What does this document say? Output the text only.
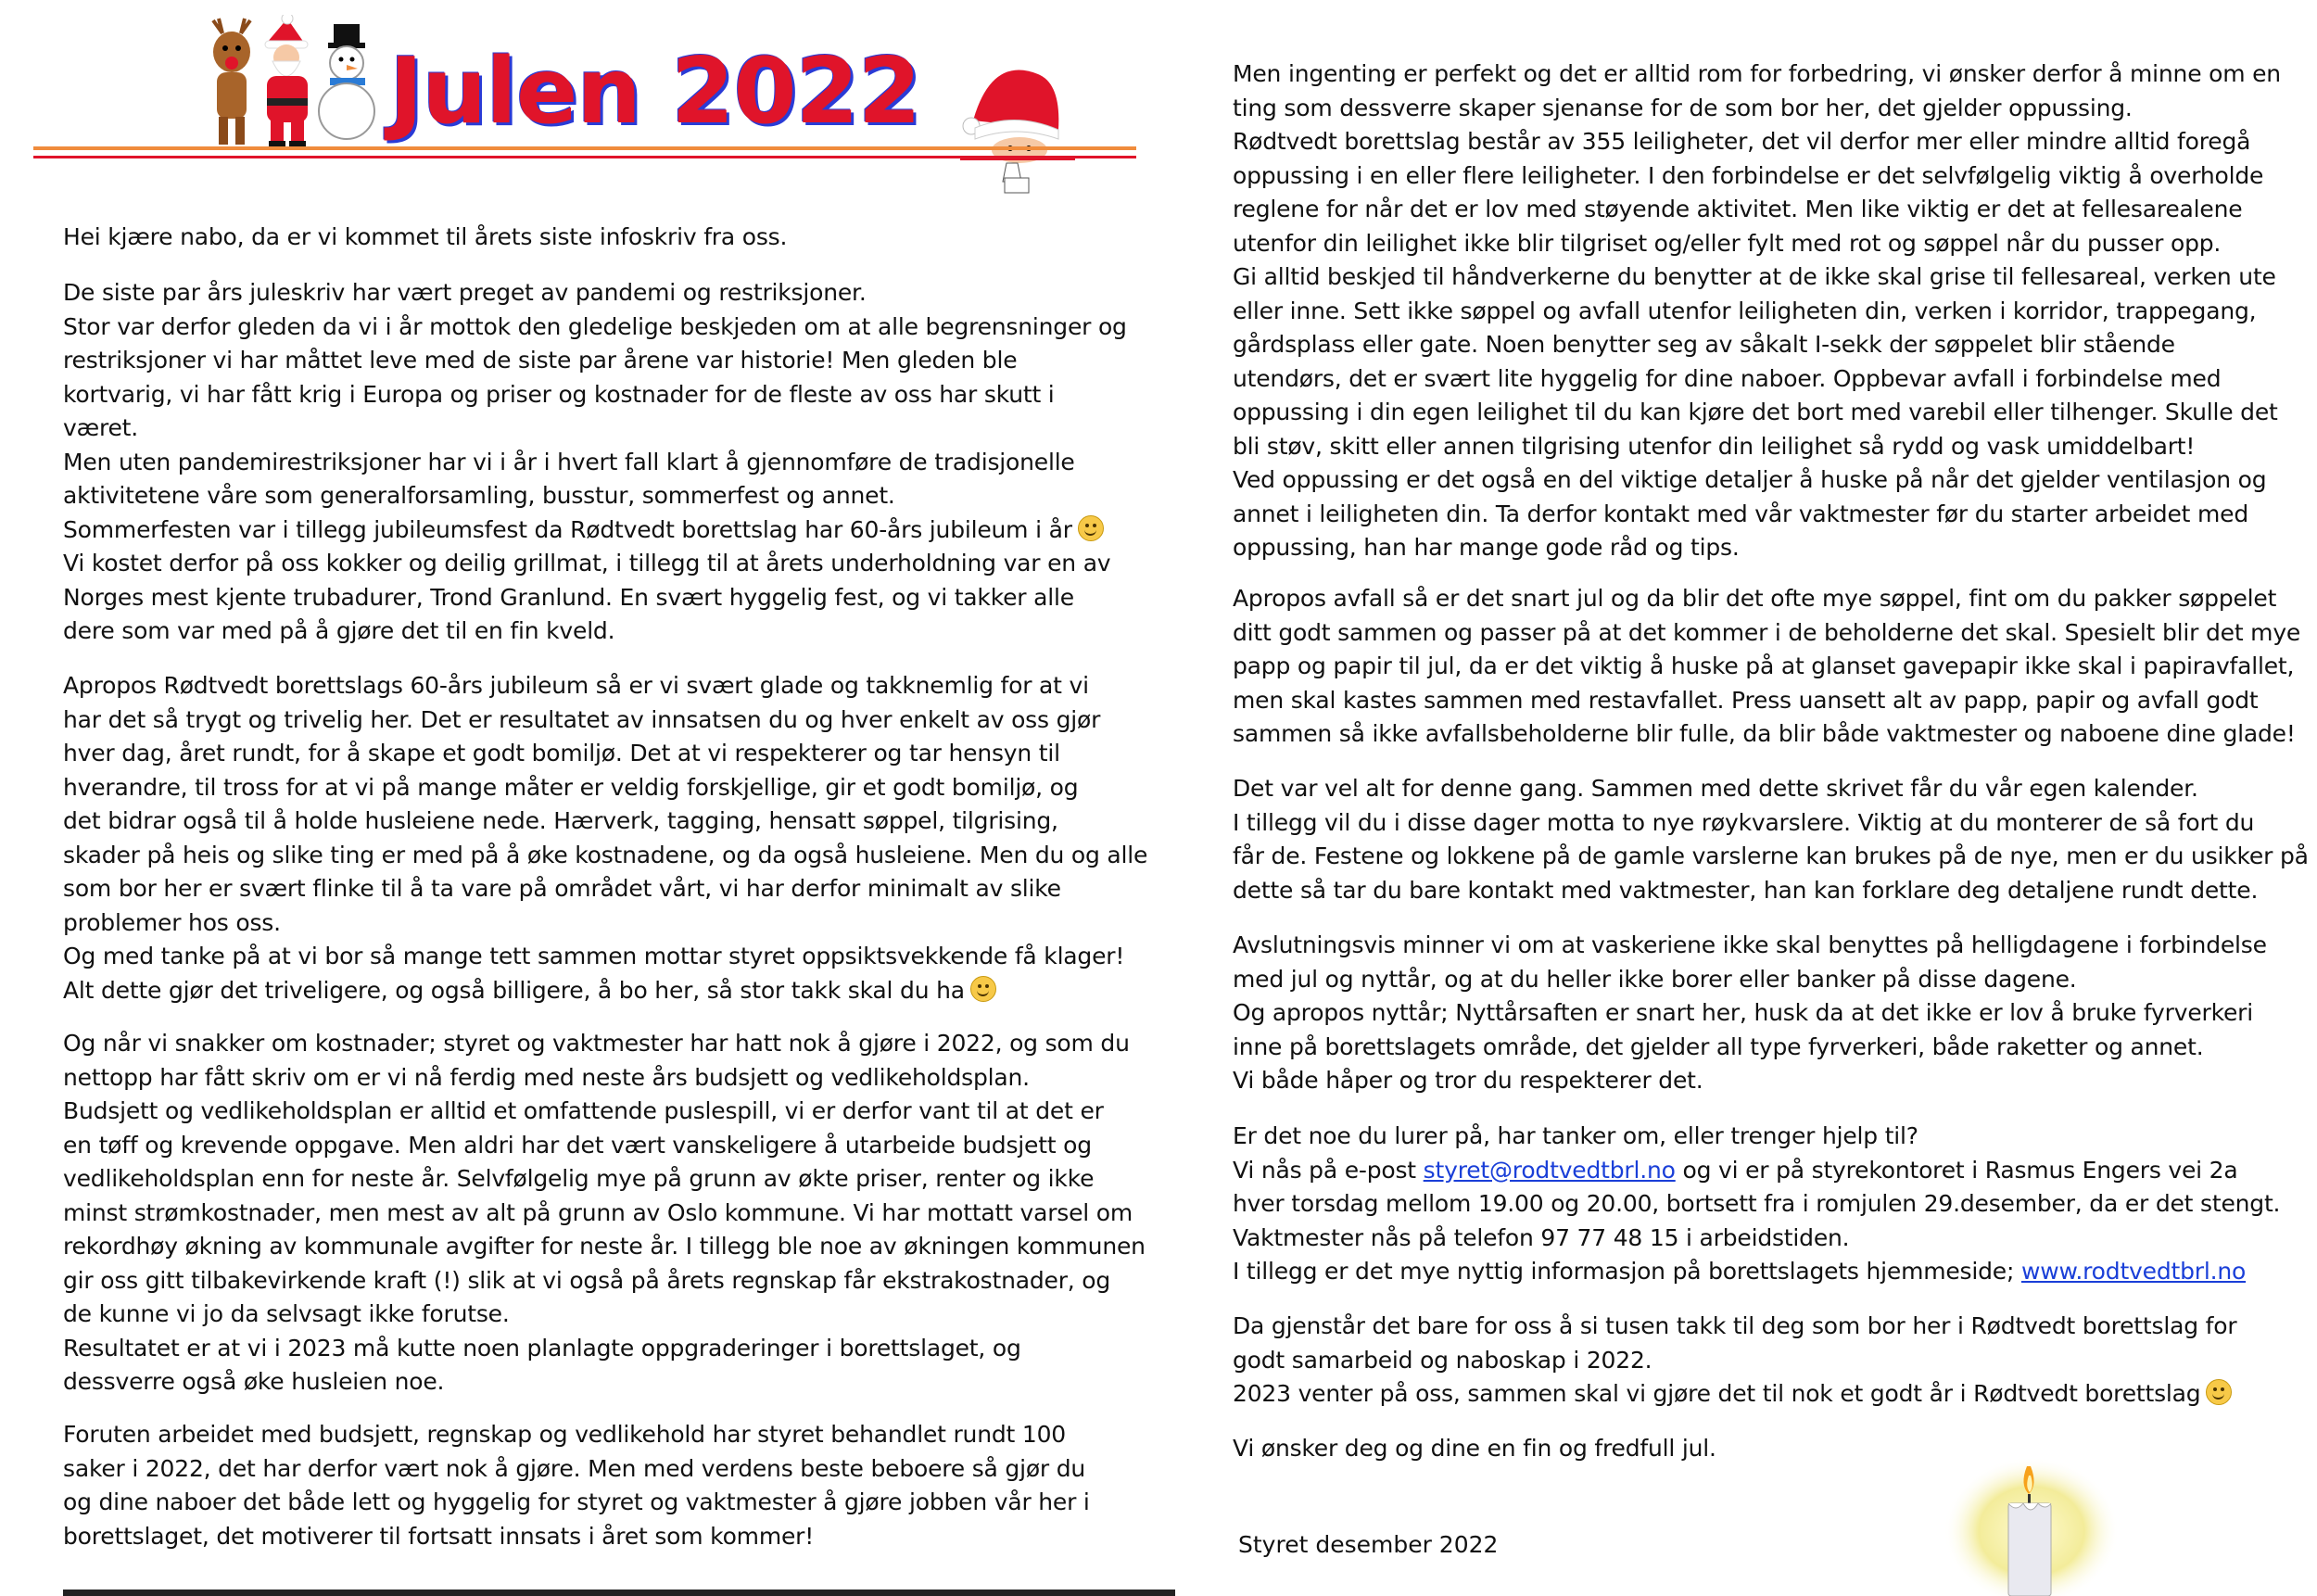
Julen 2022
Hei kjære nabo, da er vi kommet til årets siste infoskriv fra oss.
De siste par års juleskriv har vært preget av pandemi og restriksjoner.
Stor var derfor gleden da vi i år mottok den gledelige beskjeden om at alle begrensninger og
restriksjoner vi har måttet leve med de siste par årene var historie! Men gleden ble
kortvarig, vi har fått krig i Europa og priser og kostnader for de fleste av oss har skutt i
været.
Men uten pandemirestriksjoner har vi i år i hvert fall klart å gjennomføre de tradisjonelle
aktivitetene våre som generalforsamling, busstur, sommerfest og annet.
Sommerfesten var i tillegg jubileumsfest da Rødtvedt borettslag har 60-års jubileum i år
Vi kostet derfor på oss kokker og deilig grillmat, i tillegg til at årets underholdning var en av
Norges mest kjente trubadurer, Trond Granlund. En svært hyggelig fest, og vi takker alle
dere som var med på å gjøre det til en fin kveld.
Apropos Rødtvedt borettslags 60-års jubileum så er vi svært glade og takknemlig for at vi
har det så trygt og trivelig her. Det er resultatet av innsatsen du og hver enkelt av oss gjør
hver dag, året rundt, for å skape et godt bomiljø. Det at vi respekterer og tar hensyn til
hverandre, til tross for at vi på mange måter er veldig forskjellige, gir et godt bomiljø, og
det bidrar også til å holde husleiene nede. Hærverk, tagging, hensatt søppel, tilgrising,
skader på heis og slike ting er med på å øke kostnadene, og da også husleiene. Men du og alle
som bor her er svært flinke til å ta vare på området vårt, vi har derfor minimalt av slike
problemer hos oss.
Og med tanke på at vi bor så mange tett sammen mottar styret oppsiktsvekkende få klager!
Alt dette gjør det triveligere, og også billigere, å bo her, så stor takk skal du ha
Og når vi snakker om kostnader; styret og vaktmester har hatt nok å gjøre i 2022, og som du
nettopp har fått skriv om er vi nå ferdig med neste års budsjett og vedlikeholdsplan.
Budsjett og vedlikeholdsplan er alltid et omfattende puslespill, vi er derfor vant til at det er
en tøff og krevende oppgave. Men aldri har det vært vanskeligere å utarbeide budsjett og
vedlikeholdsplan enn for neste år. Selvfølgelig mye på grunn av økte priser, renter og ikke
minst strømkostnader, men mest av alt på grunn av Oslo kommune. Vi har mottatt varsel om
rekordhøy økning av kommunale avgifter for neste år. I tillegg ble noe av økningen kommunen
gir oss gitt tilbakevirkende kraft (!) slik at vi også på årets regnskap får ekstrakostnader, og
de kunne vi jo da selvsagt ikke forutse.
Resultatet er at vi i 2023 må kutte noen planlagte oppgraderinger i borettslaget, og
dessverre også øke husleien noe.
Foruten arbeidet med budsjett, regnskap og vedlikehold har styret behandlet rundt 100
saker i 2022, det har derfor vært nok å gjøre. Men med verdens beste beboere så gjør du
og dine naboer det både lett og hyggelig for styret og vaktmester å gjøre jobben vår her i
borettslaget, det motiverer til fortsatt innsats i året som kommer!
Men ingenting er perfekt og det er alltid rom for forbedring, vi ønsker derfor å minne om en
ting som dessverre skaper sjenanse for de som bor her, det gjelder oppussing.
Rødtvedt borettslag består av 355 leiligheter, det vil derfor mer eller mindre alltid foregå
oppussing i en eller flere leiligheter. I den forbindelse er det selvfølgelig viktig å overholde
reglene for når det er lov med støyende aktivitet. Men like viktig er det at fellesarealene
utenfor din leilighet ikke blir tilgriset og/eller fylt med rot og søppel når du pusser opp.
Gi alltid beskjed til håndverkerne du benytter at de ikke skal grise til fellesareal, verken ute
eller inne. Sett ikke søppel og avfall utenfor leiligheten din, verken i korridor, trappegang,
gårdsplass eller gate. Noen benytter seg av såkalt I-sekk der søppelet blir stående
utendørs, det er svært lite hyggelig for dine naboer. Oppbevar avfall i forbindelse med
oppussing i din egen leilighet til du kan kjøre det bort med varebil eller tilhenger. Skulle det
bli støv, skitt eller annen tilgrising utenfor din leilighet så rydd og vask umiddelbart!
Ved oppussing er det også en del viktige detaljer å huske på når det gjelder ventilasjon og
annet i leiligheten din. Ta derfor kontakt med vår vaktmester før du starter arbeidet med
oppussing, han har mange gode råd og tips.
Apropos avfall så er det snart jul og da blir det ofte mye søppel, fint om du pakker søppelet
ditt godt sammen og passer på at det kommer i de beholderne det skal. Spesielt blir det mye
papp og papir til jul, da er det viktig å huske på at glanset gavepapir ikke skal i papiravfallet,
men skal kastes sammen med restavfallet. Press uansett alt av papp, papir og avfall godt
sammen så ikke avfallsbeholderne blir fulle, da blir både vaktmester og naboene dine glade!
Det var vel alt for denne gang. Sammen med dette skrivet får du vår egen kalender.
I tillegg vil du i disse dager motta to nye røykvarslere. Viktig at du monterer de så fort du
får de. Festene og lokkene på de gamle varslerne kan brukes på de nye, men er du usikker på
dette så tar du bare kontakt med vaktmester, han kan forklare deg detaljene rundt dette.
Avslutningsvis minner vi om at vaskeriene ikke skal benyttes på helligdagene i forbindelse
med jul og nyttår, og at du heller ikke borer eller banker på disse dagene.
Og apropos nyttår; Nyttårsaften er snart her, husk da at det ikke er lov å bruke fyrverkeri
inne på borettslagets område, det gjelder all type fyrverkeri, både raketter og annet.
Vi både håper og tror du respekterer det.
Er det noe du lurer på, har tanker om, eller trenger hjelp til?
Vi nås på e-post styret@rodtvedtbrl.no og vi er på styrekontoret i Rasmus Engers vei 2a
hver torsdag mellom 19.00 og 20.00, bortsett fra i romjulen 29.desember, da er det stengt.
Vaktmester nås på telefon 97 77 48 15 i arbeidstiden.
I tillegg er det mye nyttig informasjon på borettslagets hjemmeside; www.rodtvedtbrl.no
Da gjenstår det bare for oss å si tusen takk til deg som bor her i Rødtvedt borettslag for
godt samarbeid og naboskap i 2022.
2023 venter på oss, sammen skal vi gjøre det til nok et godt år i Rødtvedt borettslag
Vi ønsker deg og dine en fin og fredfull jul.
Styret desember 2022
